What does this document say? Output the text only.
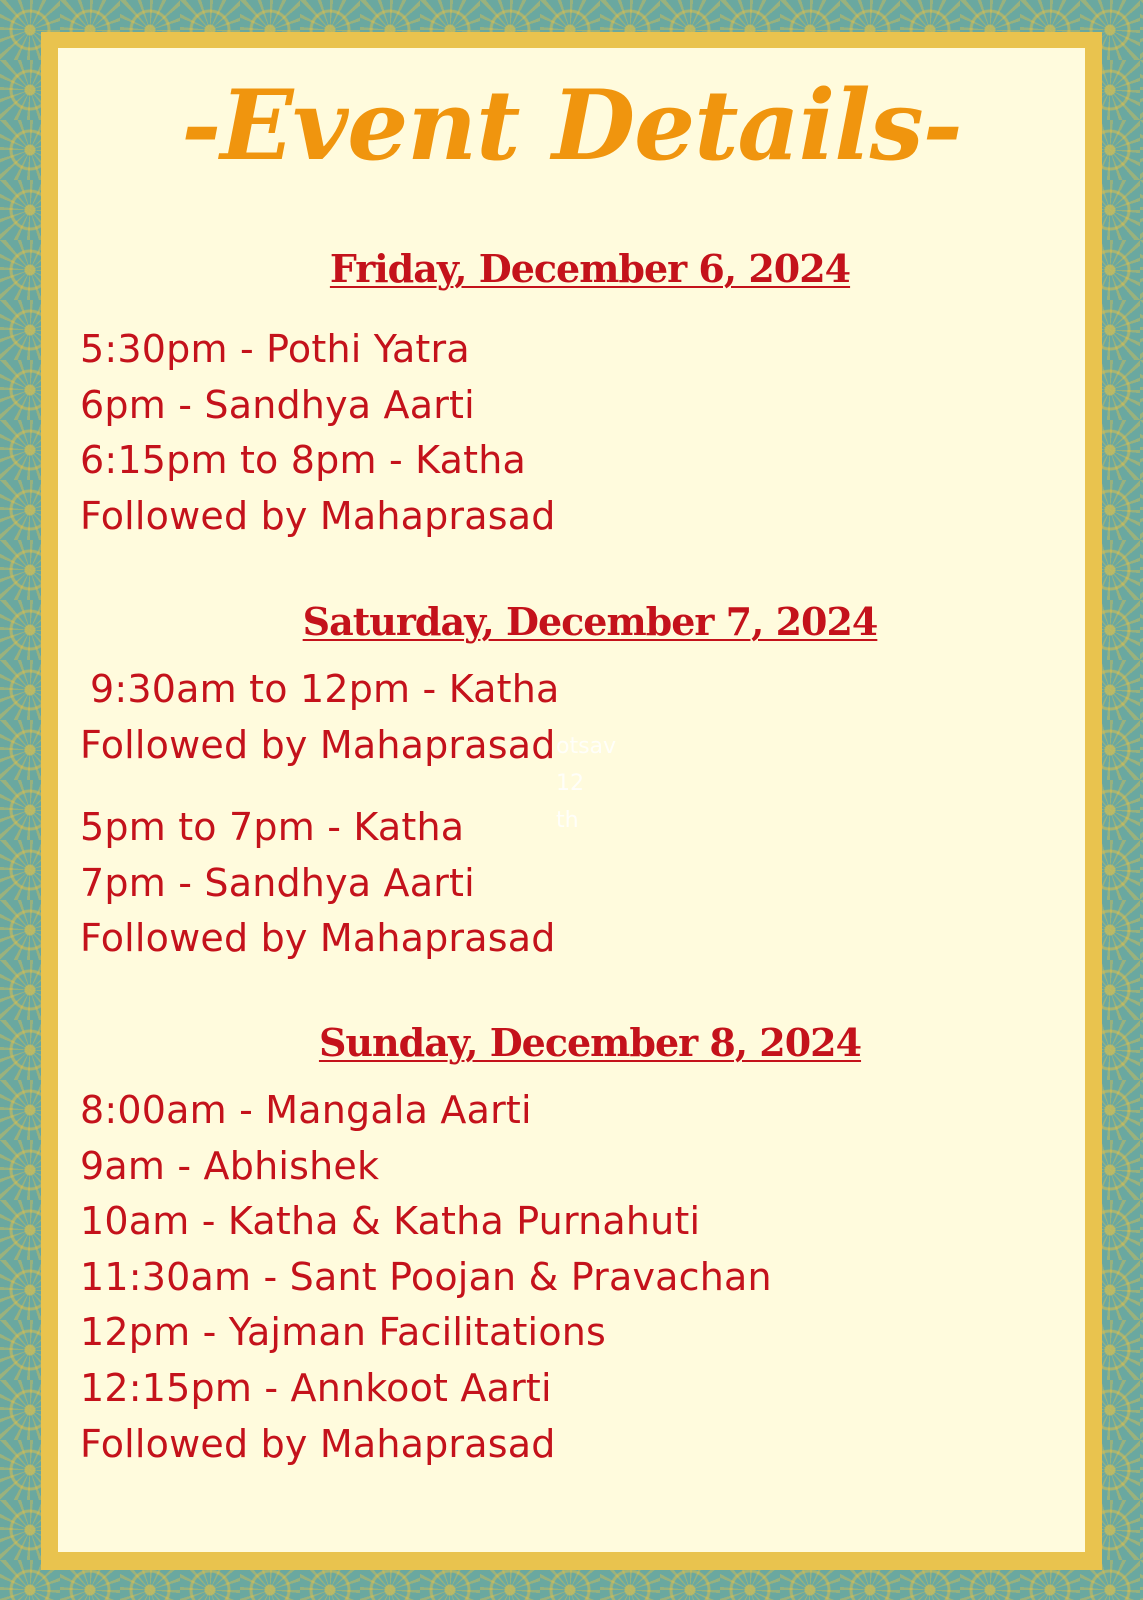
-Event Details-
Friday, December 6, 2024
5:30pm - Pothi Yatra
6pm - Sandhya Aarti
6:15pm to 8pm - Katha
Followed by Mahaprasad
Saturday, December 7, 2024
9:30am to 12pm - Katha
Followed by Mahaprasad
5pm to 7pm - Katha
7pm - Sandhya Aarti
Followed by Mahaprasad
otsav
12
th
Sunday, December 8, 2024
8:00am - Mangala Aarti
9am - Abhishek
10am - Katha & Katha Purnahuti
11:30am - Sant Poojan & Pravachan
12pm - Yajman Facilitations
12:15pm - Annkoot Aarti
Followed by Mahaprasad
